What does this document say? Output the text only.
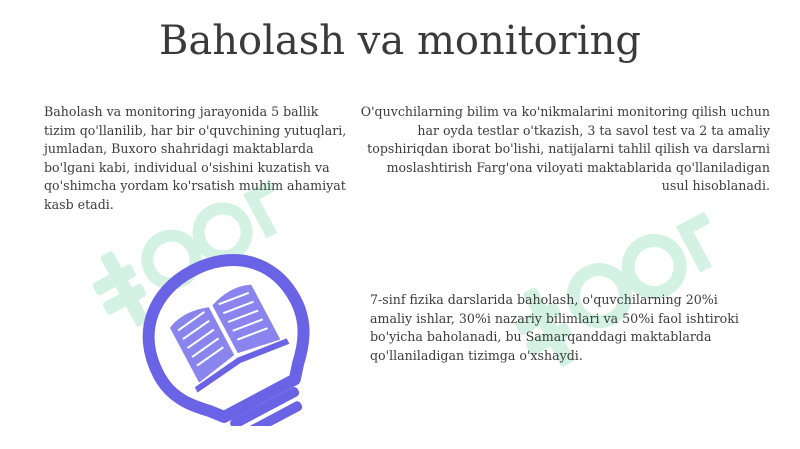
Baholash va monitoring

Baholash va monitoring jarayonida 5 ballik tizim qo'llanilib, har bir o'quvchining yutuqlari, jumladan, Buxoro shahridagi maktablarda bo'lgani kabi, individual o'sishini kuzatish va qo'shimcha yordam ko'rsatish muhim ahamiyat kasb etadi.

O'quvchilarning bilim va ko'nikmalarini monitoring qilish uchun har oyda testlar o'tkazish, 3 ta savol test va 2 ta amaliy topshiriqdan iborat bo'lishi, natijalarni tahlil qilish va darslarni moslashtirish Farg'ona viloyati maktablarida qo'llaniladigan usul hisoblanadi.

7-sinf fizika darslarida baholash, o'quvchilarning 20%i amaliy ishlar, 30%i nazariy bilimlari va 50%i faol ishtiroki bo'yicha baholanadi, bu Samarqanddagi maktablarda qo'llaniladigan tizimga o'xshaydi.
